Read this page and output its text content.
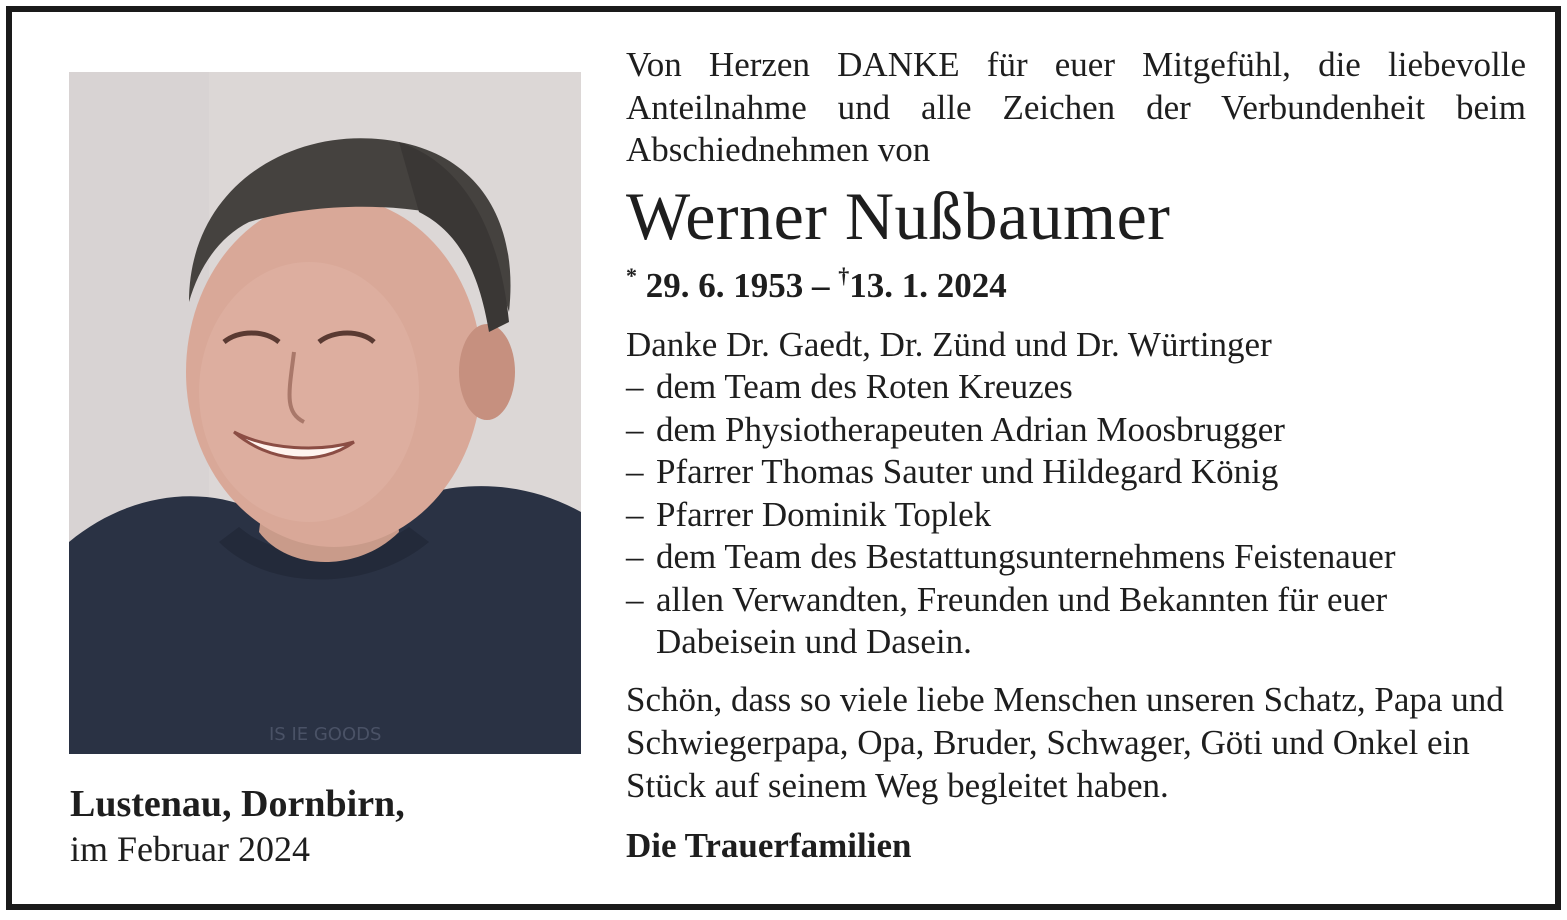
IS IE GOODS
Lustenau, Dornbirn,
im Februar 2024

Von Herzen DANKE für euer Mitgefühl, die liebevolle Anteilnahme und alle Zeichen der Verbundenheit beim Abschiednehmen von

Werner Nußbaumer

* 29. 6. 1953 – †13. 1. 2024

Danke Dr. Gaedt, Dr. Zünd und Dr. Würtinger

– dem Team des Roten Kreuzes
– dem Physiotherapeuten Adrian Moosbrugger
– Pfarrer Thomas Sauter und Hildegard König
– Pfarrer Dominik Toplek
– dem Team des Bestattungsunternehmens Feistenauer
– allen Verwandten, Freunden und Bekannten für euer Dabeisein und Dasein.

Schön, dass so viele liebe Menschen unseren Schatz, Papa und Schwiegerpapa, Opa, Bruder, Schwager, Göti und Onkel ein Stück auf seinem Weg begleitet haben.

Die Trauerfamilien
